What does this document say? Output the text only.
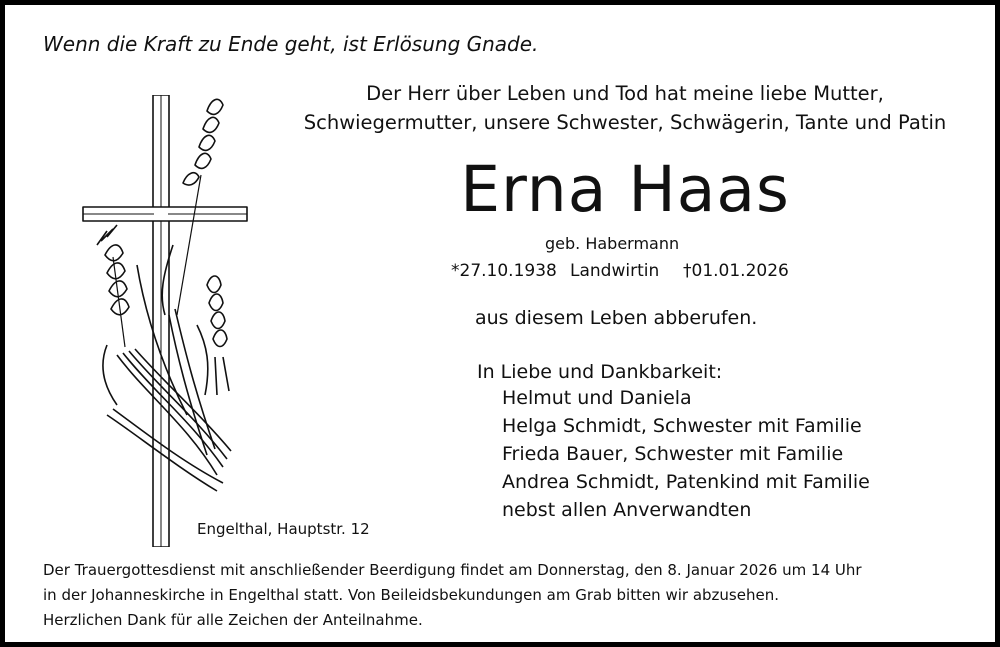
Wenn die Kraft zu Ende geht, ist Erlösung Gnade.
Der Herr über Leben und Tod hat meine liebe Mutter,
Schwiegermutter, unsere Schwester, Schwägerin, Tante und Patin
Erna Haas
geb. Habermann
*27.10.1938 Landwirtin †01.01.2026
aus diesem Leben abberufen.
In Liebe und Dankbarkeit:
Helmut und Daniela
Helga Schmidt, Schwester mit Familie
Frieda Bauer, Schwester mit Familie
Andrea Schmidt, Patenkind mit Familie
nebst allen Anverwandten
Engelthal, Hauptstr. 12
Der Trauergottesdienst mit anschließender Beerdigung findet am Donnerstag, den 8. Januar 2026 um 14 Uhr
in der Johanneskirche in Engelthal statt. Von Beileidsbekundungen am Grab bitten wir abzusehen.
Herzlichen Dank für alle Zeichen der Anteilnahme.
